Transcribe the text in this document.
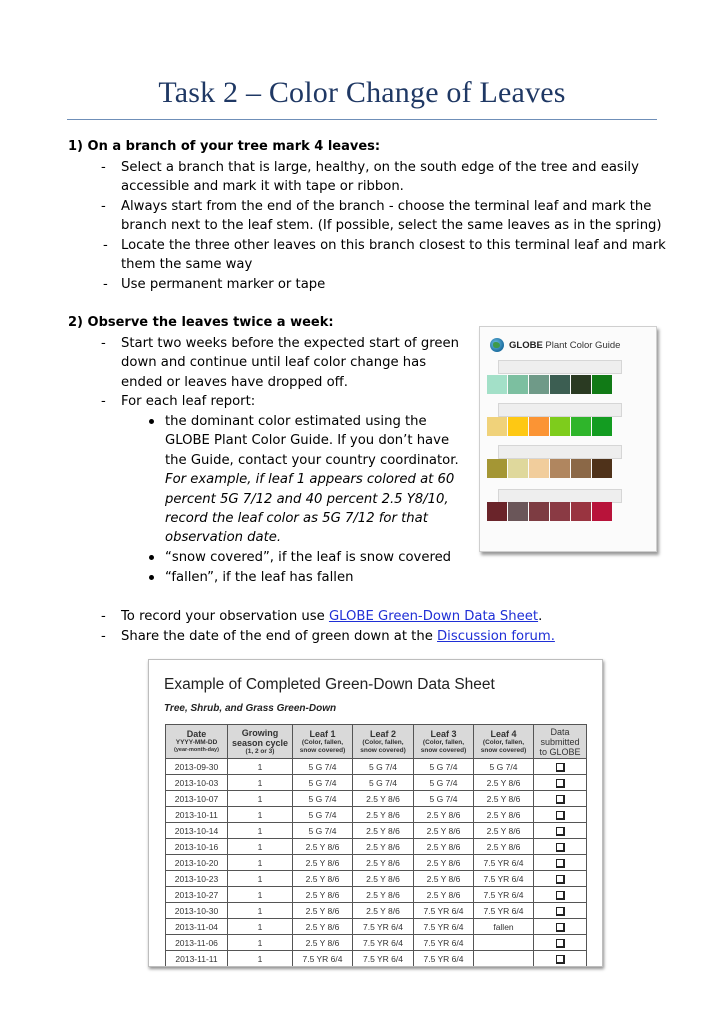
Task 2 – Color Change of Leaves
1) On a branch of your tree mark 4 leaves:
- Select a branch that is large, healthy, on the south edge of the tree and easily
accessible and mark it with tape or ribbon.
- Always start from the end of the branch - choose the terminal leaf and mark the
branch next to the leaf stem. (If possible, select the same leaves as in the spring)
- Locate the three other leaves on this branch closest to this terminal leaf and mark
them the same way
- Use permanent marker or tape
2) Observe the leaves twice a week:
- Start two weeks before the expected start of green
down and continue until leaf color change has
ended or leaves have dropped off.
- For each leaf report:
the dominant color estimated using the
GLOBE Plant Color Guide. If you don’t have
the Guide, contact your country coordinator.
For example, if leaf 1 appears colored at 60
percent 5G 7/12 and 40 percent 2.5 Y8/10,
record the leaf color as 5G 7/12 for that
observation date.
“snow covered”, if the leaf is snow covered
“fallen”, if the leaf has fallen
- To record your observation use GLOBE Green-Down Data Sheet.
- Share the date of the end of green down at the Discussion forum.
GLOBE Plant Color Guide
Example of Completed Green-Down Data Sheet
Tree, Shrub, and Grass Green-Down
Date
YYYY-MM-DD
(year-month-day)	Growing
season cycle
(1, 2 or 3)	Leaf 1
(Color, fallen,
snow covered)	Leaf 2
(Color, fallen,
snow covered)	Leaf 3
(Color, fallen,
snow covered)	Leaf 4
(Color, fallen,
snow covered)	Data
submitted
to GLOBE

2013-09-30	1	5 G 7/4	5 G 7/4	5 G 7/4	5 G 7/4	
2013-10-03	1	5 G 7/4	5 G 7/4	5 G 7/4	2.5 Y 8/6	
2013-10-07	1	5 G 7/4	2.5 Y 8/6	5 G 7/4	2.5 Y 8/6	
2013-10-11	1	5 G 7/4	2.5 Y 8/6	2.5 Y 8/6	2.5 Y 8/6	
2013-10-14	1	5 G 7/4	2.5 Y 8/6	2.5 Y 8/6	2.5 Y 8/6	
2013-10-16	1	2.5 Y 8/6	2.5 Y 8/6	2.5 Y 8/6	2.5 Y 8/6	
2013-10-20	1	2.5 Y 8/6	2.5 Y 8/6	2.5 Y 8/6	7.5 YR 6/4	
2013-10-23	1	2.5 Y 8/6	2.5 Y 8/6	2.5 Y 8/6	7.5 YR 6/4	
2013-10-27	1	2.5 Y 8/6	2.5 Y 8/6	2.5 Y 8/6	7.5 YR 6/4	
2013-10-30	1	2.5 Y 8/6	2.5 Y 8/6	7.5 YR 6/4	7.5 YR 6/4	
2013-11-04	1	2.5 Y 8/6	7.5 YR 6/4	7.5 YR 6/4	fallen	
2013-11-06	1	2.5 Y 8/6	7.5 YR 6/4	7.5 YR 6/4		
2013-11-11	1	7.5 YR 6/4	7.5 YR 6/4	7.5 YR 6/4		
